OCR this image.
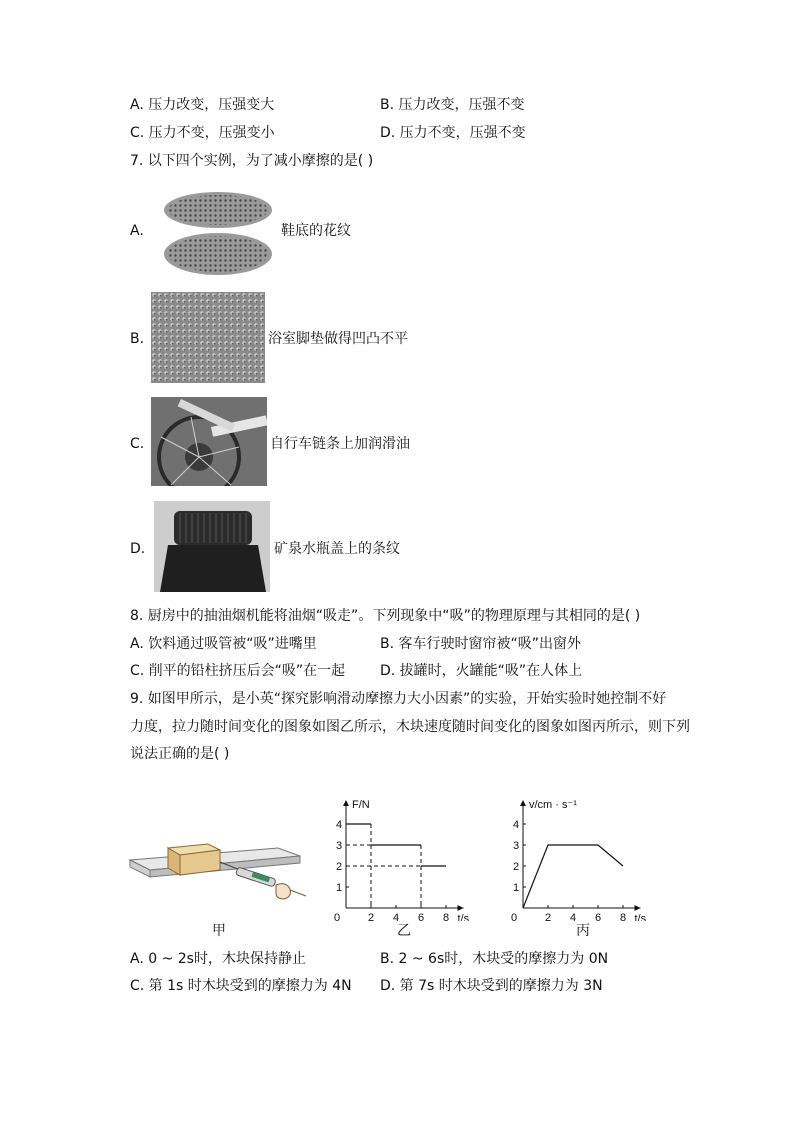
A. 压力改变，压强变大	B. 压力改变，压强不变
C. 压力不变，压强变小	D. 压力不变，压强不变
7. 以下四个实例，为了减小摩擦的是( )
A.	鞋底的花纹
B.	浴室脚垫做得凹凸不平
C.	自行车链条上加润滑油
D.	矿泉水瓶盖上的条纹
8. 厨房中的抽油烟机能将油烟“吸走”。下列现象中“吸”的物理原理与其相同的是( )
A. 饮料通过吸管被“吸”进嘴里	B. 客车行驶时窗帘被“吸”出窗外
C. 削平的铅柱挤压后会“吸”在一起 D. 拔罐时，火罐能“吸”在人体上
9. 如图甲所示，是小英“探究影响滑动摩擦力大小因素”的实验，开始实验时她控制不好
力度，拉力随时间变化的图象如图乙所示，木块速度随时间变化的图象如图丙所示，则下列
说法正确的是( )
甲
0	2 4 6 8
1
2
3
4
F/N
t/s
乙
0	2 4 6 8
1
2
3
4
v/cm · s⁻¹
t/s
丙
A. 0 ~ 2s时，木块保持静止	B. 2 ~ 6s时，木块受的摩擦力为 0N
C. 第 1s 时木块受到的摩擦力为 4N D. 第 7s 时木块受到的摩擦力为 3N
